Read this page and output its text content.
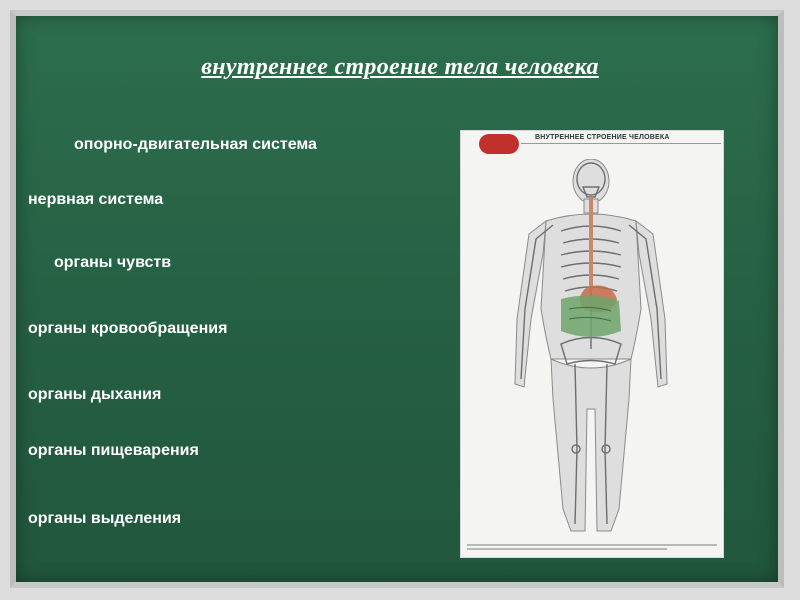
внутреннее строение тела человека

опорно-двигательная система

нервная система

органы чувств

органы кровообращения

органы дыхания

органы пищеварения

органы выделения

ВНУТРЕННЕЕ СТРОЕНИЕ ЧЕЛОВЕКА
